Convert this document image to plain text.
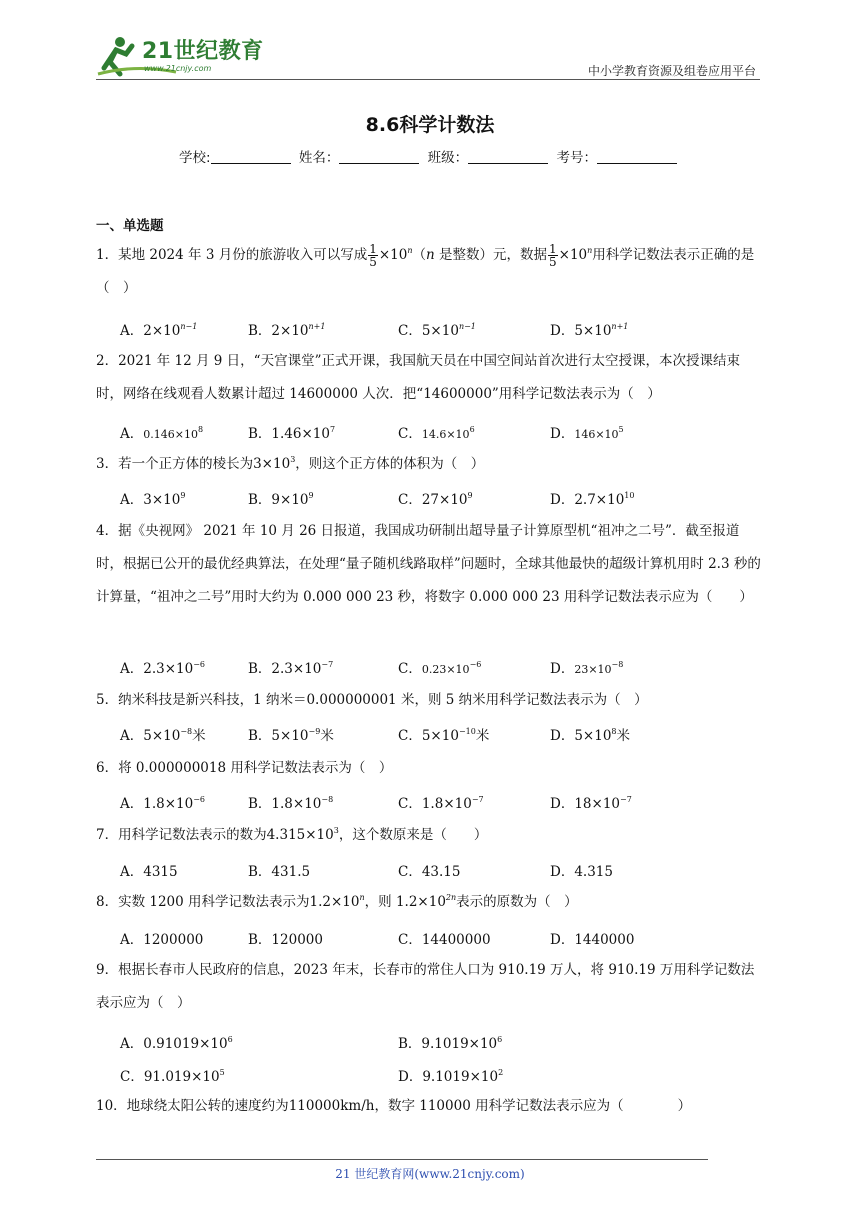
21世纪教育
www.21cnjy.com	中小学教育资源及组卷应用平台
8.6科学计数法
学校:	姓名：	班级：	考号：
一、单选题
1．某地 2024 年 3 月份的旅游收入可以写成 $\frac{1}{5} \times 10^n(n$ 是整数）元，数据 $\frac{1}{5} \times 10^n$用科学记数法表示正确的是（　）
A．$2\times 10^{n-1}$	B．$2\times 10^{n+1}$	C．$5\times 10^{n-1}$	D．$5\times 10^{n+1}$
2．2021 年 12 月 9 日，“天宫课堂”正式开课，我国航天员在中国空间站首次进行太空授课，本次授课结束时，网络在线观看人数累计超过 14600000 人次．把“14600000”用科学记数法表示为（　）
A．$0.146\times 10^8$	B．$1.46\times 10^7$	C．$14.6\times 10^6$	D．$146\times 10^5$
3．若一个正方体的棱长为$3\times 10^3$，则这个正方体的体积为（　）
A．$3\times 10^9$	B．$9\times 10^9$	C．$27\times 10^9$	D．$2.7\times 10^{10}$
4．据《央视网》 2021 年 10 月 26 日报道，我国成功研制出超导量子计算原型机“祖冲之二号”．截至报道时，根据已公开的最优经典算法，在处理“量子随机线路取样”问题时，全球其他最快的超级计算机用时 2.3 秒的计算量，“祖冲之二号”用时大约为 0.000 000 23 秒，将数字 0.000 000 23 用科学记数法表示应为（　　）
A．$2.3\times 10^{-6}$	B．$2.3\times 10^{-7}$	C．$0.23\times 10^{-6}$	D．$23\times 10^{-8}$
5．纳米科技是新兴科技，1 纳米＝0.000000001 米，则 5 纳米用科学记数法表示为（　）
A．$5\times 10^{-8}$米	B．$5\times 10^{-9}$米	C．$5\times 10^{-10}$米	D．$5\times 10^8$米
6．将 0.000000018 用科学记数法表示为（　）
A．$1.8\times 10^{-6}$	B．$1.8\times 10^{-8}$	C．$1.8\times 10^{-7}$	D．$18\times 10^{-7}$
7．用科学记数法表示的数为$4.315\times 10^3$，这个数原来是（　　）
A．4315	B．431.5	C．43.15	D．4.315
8．实数 1200 用科学记数法表示为$1.2\times 10^n$，则 $1.2\times 10^{2n}$表示的原数为（　）
A．1200000	B．120000	C．14400000	D．1440000
9．根据长春市人民政府的信息，2023 年末，长春市的常住人口为 910.19 万人，将 910.19 万用科学记数法表示应为（　）
A．$0.91019\times 10^6$	B．$9.1019\times 10^6$
C．$91.019\times 10^5$	D．$9.1019\times 10^2$
10．地球绕太阳公转的速度约为110000km/h，数字 110000 用科学记数法表示应为（　　　　）
21 世纪教育网(www.21cnjy.com)
